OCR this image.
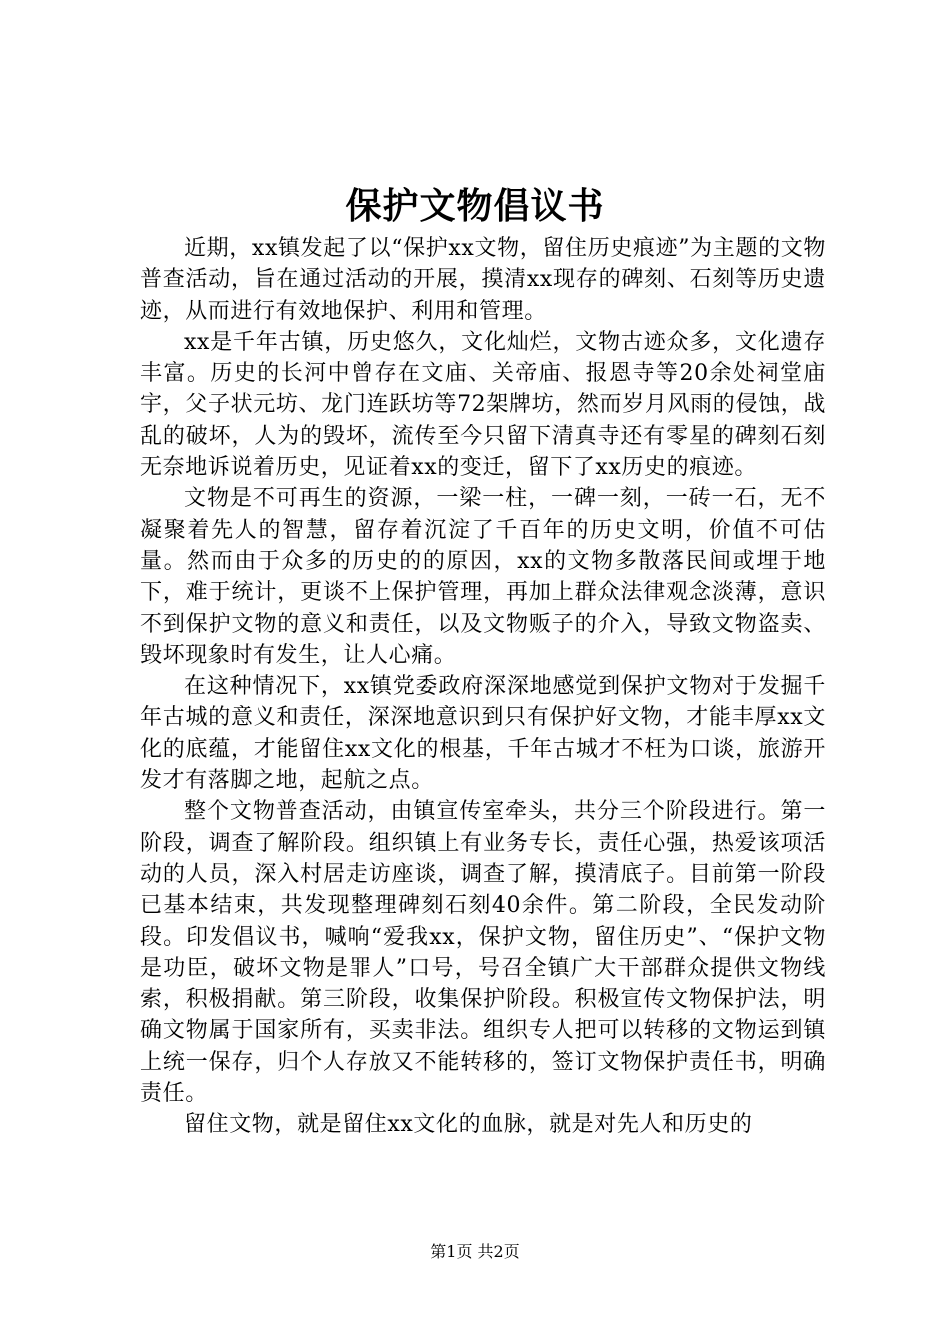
保护文物倡议书

近期，xx镇发起了以“保护xx文物，留住历史痕迹”为主题的文物普查活动，旨在通过活动的开展，摸清xx现存的碑刻、石刻等历史遗迹，从而进行有效地保护、利用和管理。

xx是千年古镇，历史悠久，文化灿烂，文物古迹众多，文化遗存丰富。历史的长河中曾存在文庙、关帝庙、报恩寺等20余处祠堂庙宇，父子状元坊、龙门连跃坊等72架牌坊，然而岁月风雨的侵蚀，战乱的破坏，人为的毁坏，流传至今只留下清真寺还有零星的碑刻石刻无奈地诉说着历史，见证着xx的变迁，留下了xx历史的痕迹。

文物是不可再生的资源，一梁一柱，一碑一刻，一砖一石，无不凝聚着先人的智慧，留存着沉淀了千百年的历史文明，价值不可估量。然而由于众多的历史的的原因，xx的文物多散落民间或埋于地下，难于统计，更谈不上保护管理，再加上群众法律观念淡薄，意识不到保护文物的意义和责任，以及文物贩子的介入，导致文物盗卖、毁坏现象时有发生，让人心痛。

在这种情况下，xx镇党委政府深深地感觉到保护文物对于发掘千年古城的意义和责任，深深地意识到只有保护好文物，才能丰厚xx文化的底蕴，才能留住xx文化的根基，千年古城才不枉为口谈，旅游开发才有落脚之地，起航之点。

整个文物普查活动，由镇宣传室牵头，共分三个阶段进行。第一阶段，调查了解阶段。组织镇上有业务专长，责任心强，热爱该项活动的人员，深入村居走访座谈，调查了解，摸清底子。目前第一阶段已基本结束，共发现整理碑刻石刻40余件。第二阶段，全民发动阶段。印发倡议书，喊响“爱我xx，保护文物，留住历史”、“保护文物是功臣，破坏文物是罪人”口号，号召全镇广大干部群众提供文物线索，积极捐献。第三阶段，收集保护阶段。积极宣传文物保护法，明确文物属于国家所有，买卖非法。组织专人把可以转移的文物运到镇上统一保存，归个人存放又不能转移的，签订文物保护责任书，明确责任。

留住文物，就是留住xx文化的血脉，就是对先人和历史的

第1页 共2页
